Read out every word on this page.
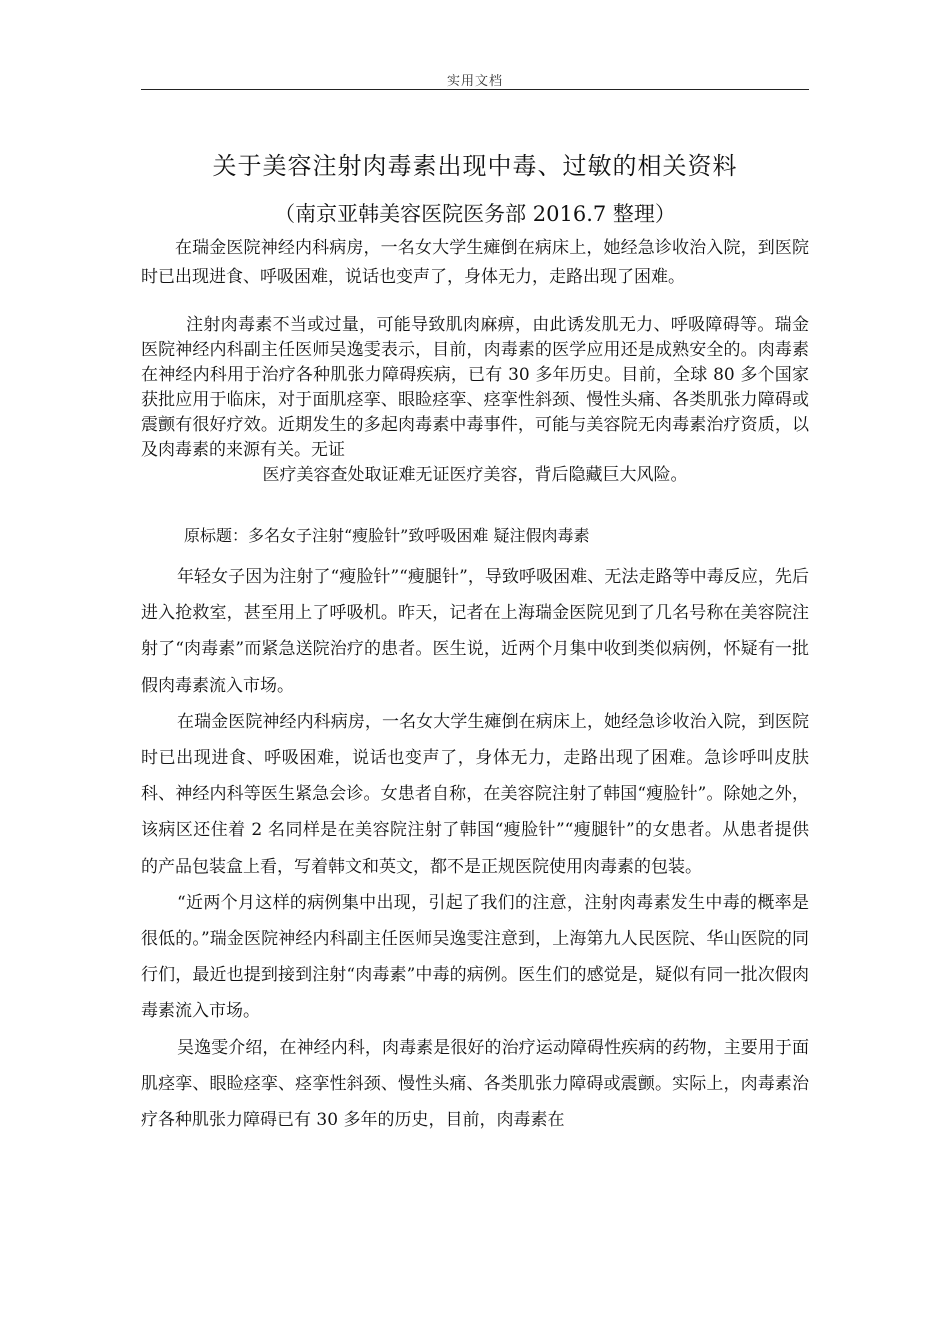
实用文档
关于美容注射肉毒素出现中毒、过敏的相关资料
（南京亚韩美容医院医务部 2016.7 整理）

在瑞金医院神经内科病房，一名女大学生瘫倒在病床上，她经急诊收治入院，到医院时已出现进食、呼吸困难，说话也变声了，身体无力，走路出现了困难。

注射肉毒素不当或过量，可能导致肌肉麻痹，由此诱发肌无力、呼吸障碍等。瑞金医院神经内科副主任医师吴逸雯表示，目前，肉毒素的医学应用还是成熟安全的。肉毒素在神经内科用于治疗各种肌张力障碍疾病，已有 30 多年历史。目前，全球 80 多个国家获批应用于临床，对于面肌痉挛、眼睑痉挛、痉挛性斜颈、慢性头痛、各类肌张力障碍或震颤有很好疗效。近期发生的多起肉毒素中毒事件，可能与美容院无肉毒素治疗资质，以及肉毒素的来源有关。无证

医疗美容查处取证难无证医疗美容，背后隐藏巨大风险。

原标题：多名女子注射“瘦脸针”致呼吸困难 疑注假肉毒素

年轻女子因为注射了“瘦脸针”“瘦腿针”，导致呼吸困难、无法走路等中毒反应，先后进入抢救室，甚至用上了呼吸机。昨天，记者在上海瑞金医院见到了几名号称在美容院注射了“肉毒素”而紧急送院治疗的患者。医生说，近两个月集中收到类似病例，怀疑有一批假肉毒素流入市场。

在瑞金医院神经内科病房，一名女大学生瘫倒在病床上，她经急诊收治入院，到医院时已出现进食、呼吸困难，说话也变声了，身体无力，走路出现了困难。急诊呼叫皮肤科、神经内科等医生紧急会诊。女患者自称，在美容院注射了韩国“瘦脸针”。除她之外，该病区还住着 2 名同样是在美容院注射了韩国“瘦脸针”“瘦腿针”的女患者。从患者提供的产品包装盒上看，写着韩文和英文，都不是正规医院使用肉毒素的包装。

“近两个月这样的病例集中出现，引起了我们的注意，注射肉毒素发生中毒的概率是很低的。”瑞金医院神经内科副主任医师吴逸雯注意到，上海第九人民医院、华山医院的同行们，最近也提到接到注射“肉毒素”中毒的病例。医生们的感觉是，疑似有同一批次假肉毒素流入市场。

吴逸雯介绍，在神经内科，肉毒素是很好的治疗运动障碍性疾病的药物，主要用于面肌痉挛、眼睑痉挛、痉挛性斜颈、慢性头痛、各类肌张力障碍或震颤。实际上，肉毒素治疗各种肌张力障碍已有 30 多年的历史，目前，肉毒素在
